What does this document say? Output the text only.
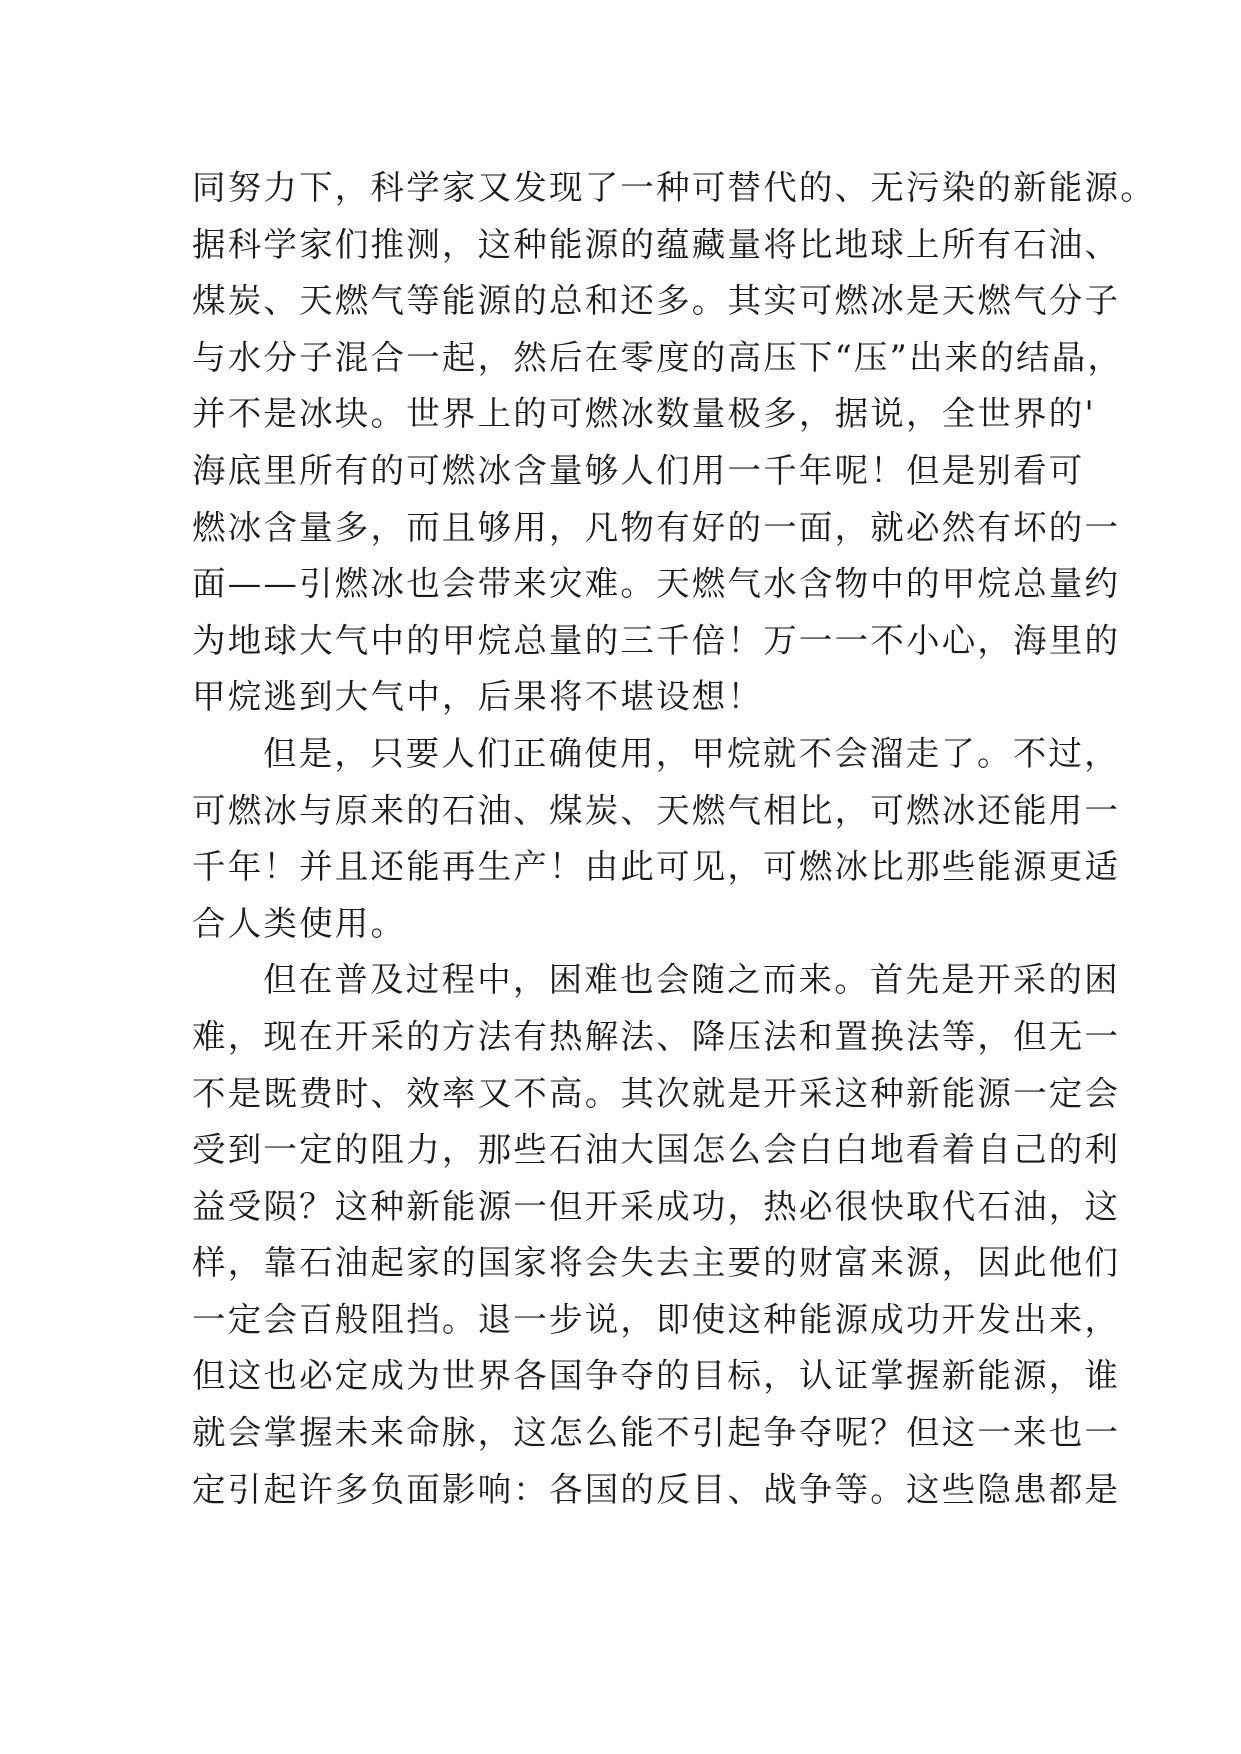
同努力下，科学家又发现了一种可替代的、无污染的新能源。
据科学家们推测，这种能源的蕴藏量将比地球上所有石油、
煤炭、天燃气等能源的总和还多。其实可燃冰是天燃气分子
与水分子混合一起，然后在零度的高压下“压”出来的结晶，
并不是冰块。世界上的可燃冰数量极多，据说，全世界的'
海底里所有的可燃冰含量够人们用一千年呢！但是别看可
燃冰含量多，而且够用，凡物有好的一面，就必然有坏的一
面——引燃冰也会带来灾难。天燃气水含物中的甲烷总量约
为地球大气中的甲烷总量的三千倍！万一一不小心，海里的
甲烷逃到大气中，后果将不堪设想！
但是，只要人们正确使用，甲烷就不会溜走了。不过，
可燃冰与原来的石油、煤炭、天燃气相比，可燃冰还能用一
千年！并且还能再生产！由此可见，可燃冰比那些能源更适
合人类使用。
但在普及过程中，困难也会随之而来。首先是开采的困
难，现在开采的方法有热解法、降压法和置换法等，但无一
不是既费时、效率又不高。其次就是开采这种新能源一定会
受到一定的阻力，那些石油大国怎么会白白地看着自己的利
益受陨？这种新能源一但开采成功，热必很快取代石油，这
样，靠石油起家的国家将会失去主要的财富来源，因此他们
一定会百般阻挡。退一步说，即使这种能源成功开发出来，
但这也必定成为世界各国争夺的目标，认证掌握新能源，谁
就会掌握未来命脉，这怎么能不引起争夺呢？但这一来也一
定引起许多负面影响：各国的反目、战争等。这些隐患都是
